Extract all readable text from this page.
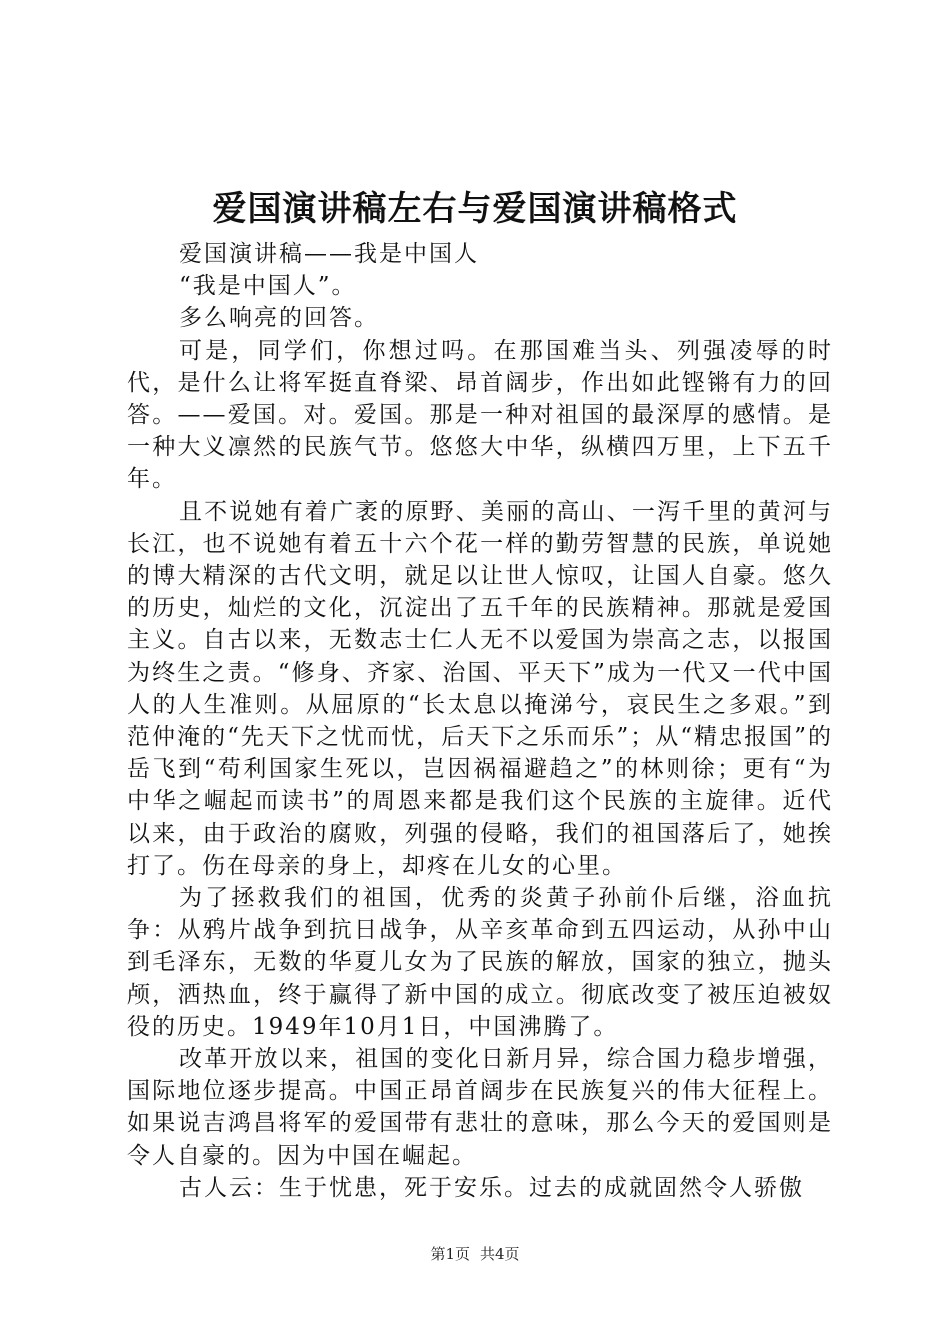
爱国演讲稿左右与爱国演讲稿格式

爱国演讲稿——我是中国人

“我是中国人”。

多么响亮的回答。

可是，同学们，你想过吗。在那国难当头、列强凌辱的时代，是什么让将军挺直脊梁、昂首阔步，作出如此铿锵有力的回答。——爱国。对。爱国。那是一种对祖国的最深厚的感情。是一种大义凛然的民族气节。悠悠大中华，纵横四万里，上下五千年。

且不说她有着广袤的原野、美丽的高山、一泻千里的黄河与长江，也不说她有着五十六个花一样的勤劳智慧的民族，单说她的博大精深的古代文明，就足以让世人惊叹，让国人自豪。悠久的历史，灿烂的文化，沉淀出了五千年的民族精神。那就是爱国主义。自古以来，无数志士仁人无不以爱国为崇高之志，以报国为终生之责。“修身、齐家、治国、平天下”成为一代又一代中国人的人生准则。从屈原的“长太息以掩涕兮，哀民生之多艰。”到范仲淹的“先天下之忧而忧，后天下之乐而乐”；从“精忠报国”的岳飞到“苟利国家生死以，岂因祸福避趋之”的林则徐；更有“为中华之崛起而读书”的周恩来都是我们这个民族的主旋律。近代以来，由于政治的腐败，列强的侵略，我们的祖国落后了，她挨打了。伤在母亲的身上，却疼在儿女的心里。

为了拯救我们的祖国，优秀的炎黄子孙前仆后继，浴血抗争：从鸦片战争到抗日战争，从辛亥革命到五四运动，从孙中山到毛泽东，无数的华夏儿女为了民族的解放，国家的独立，抛头颅，洒热血，终于赢得了新中国的成立。彻底改变了被压迫被奴役的历史。1949年10月1日，中国沸腾了。

改革开放以来，祖国的变化日新月异，综合国力稳步增强，国际地位逐步提高。中国正昂首阔步在民族复兴的伟大征程上。如果说吉鸿昌将军的爱国带有悲壮的意味，那么今天的爱国则是令人自豪的。因为中国在崛起。

古人云：生于忧患，死于安乐。过去的成就固然令人骄傲

第1页 共4页
